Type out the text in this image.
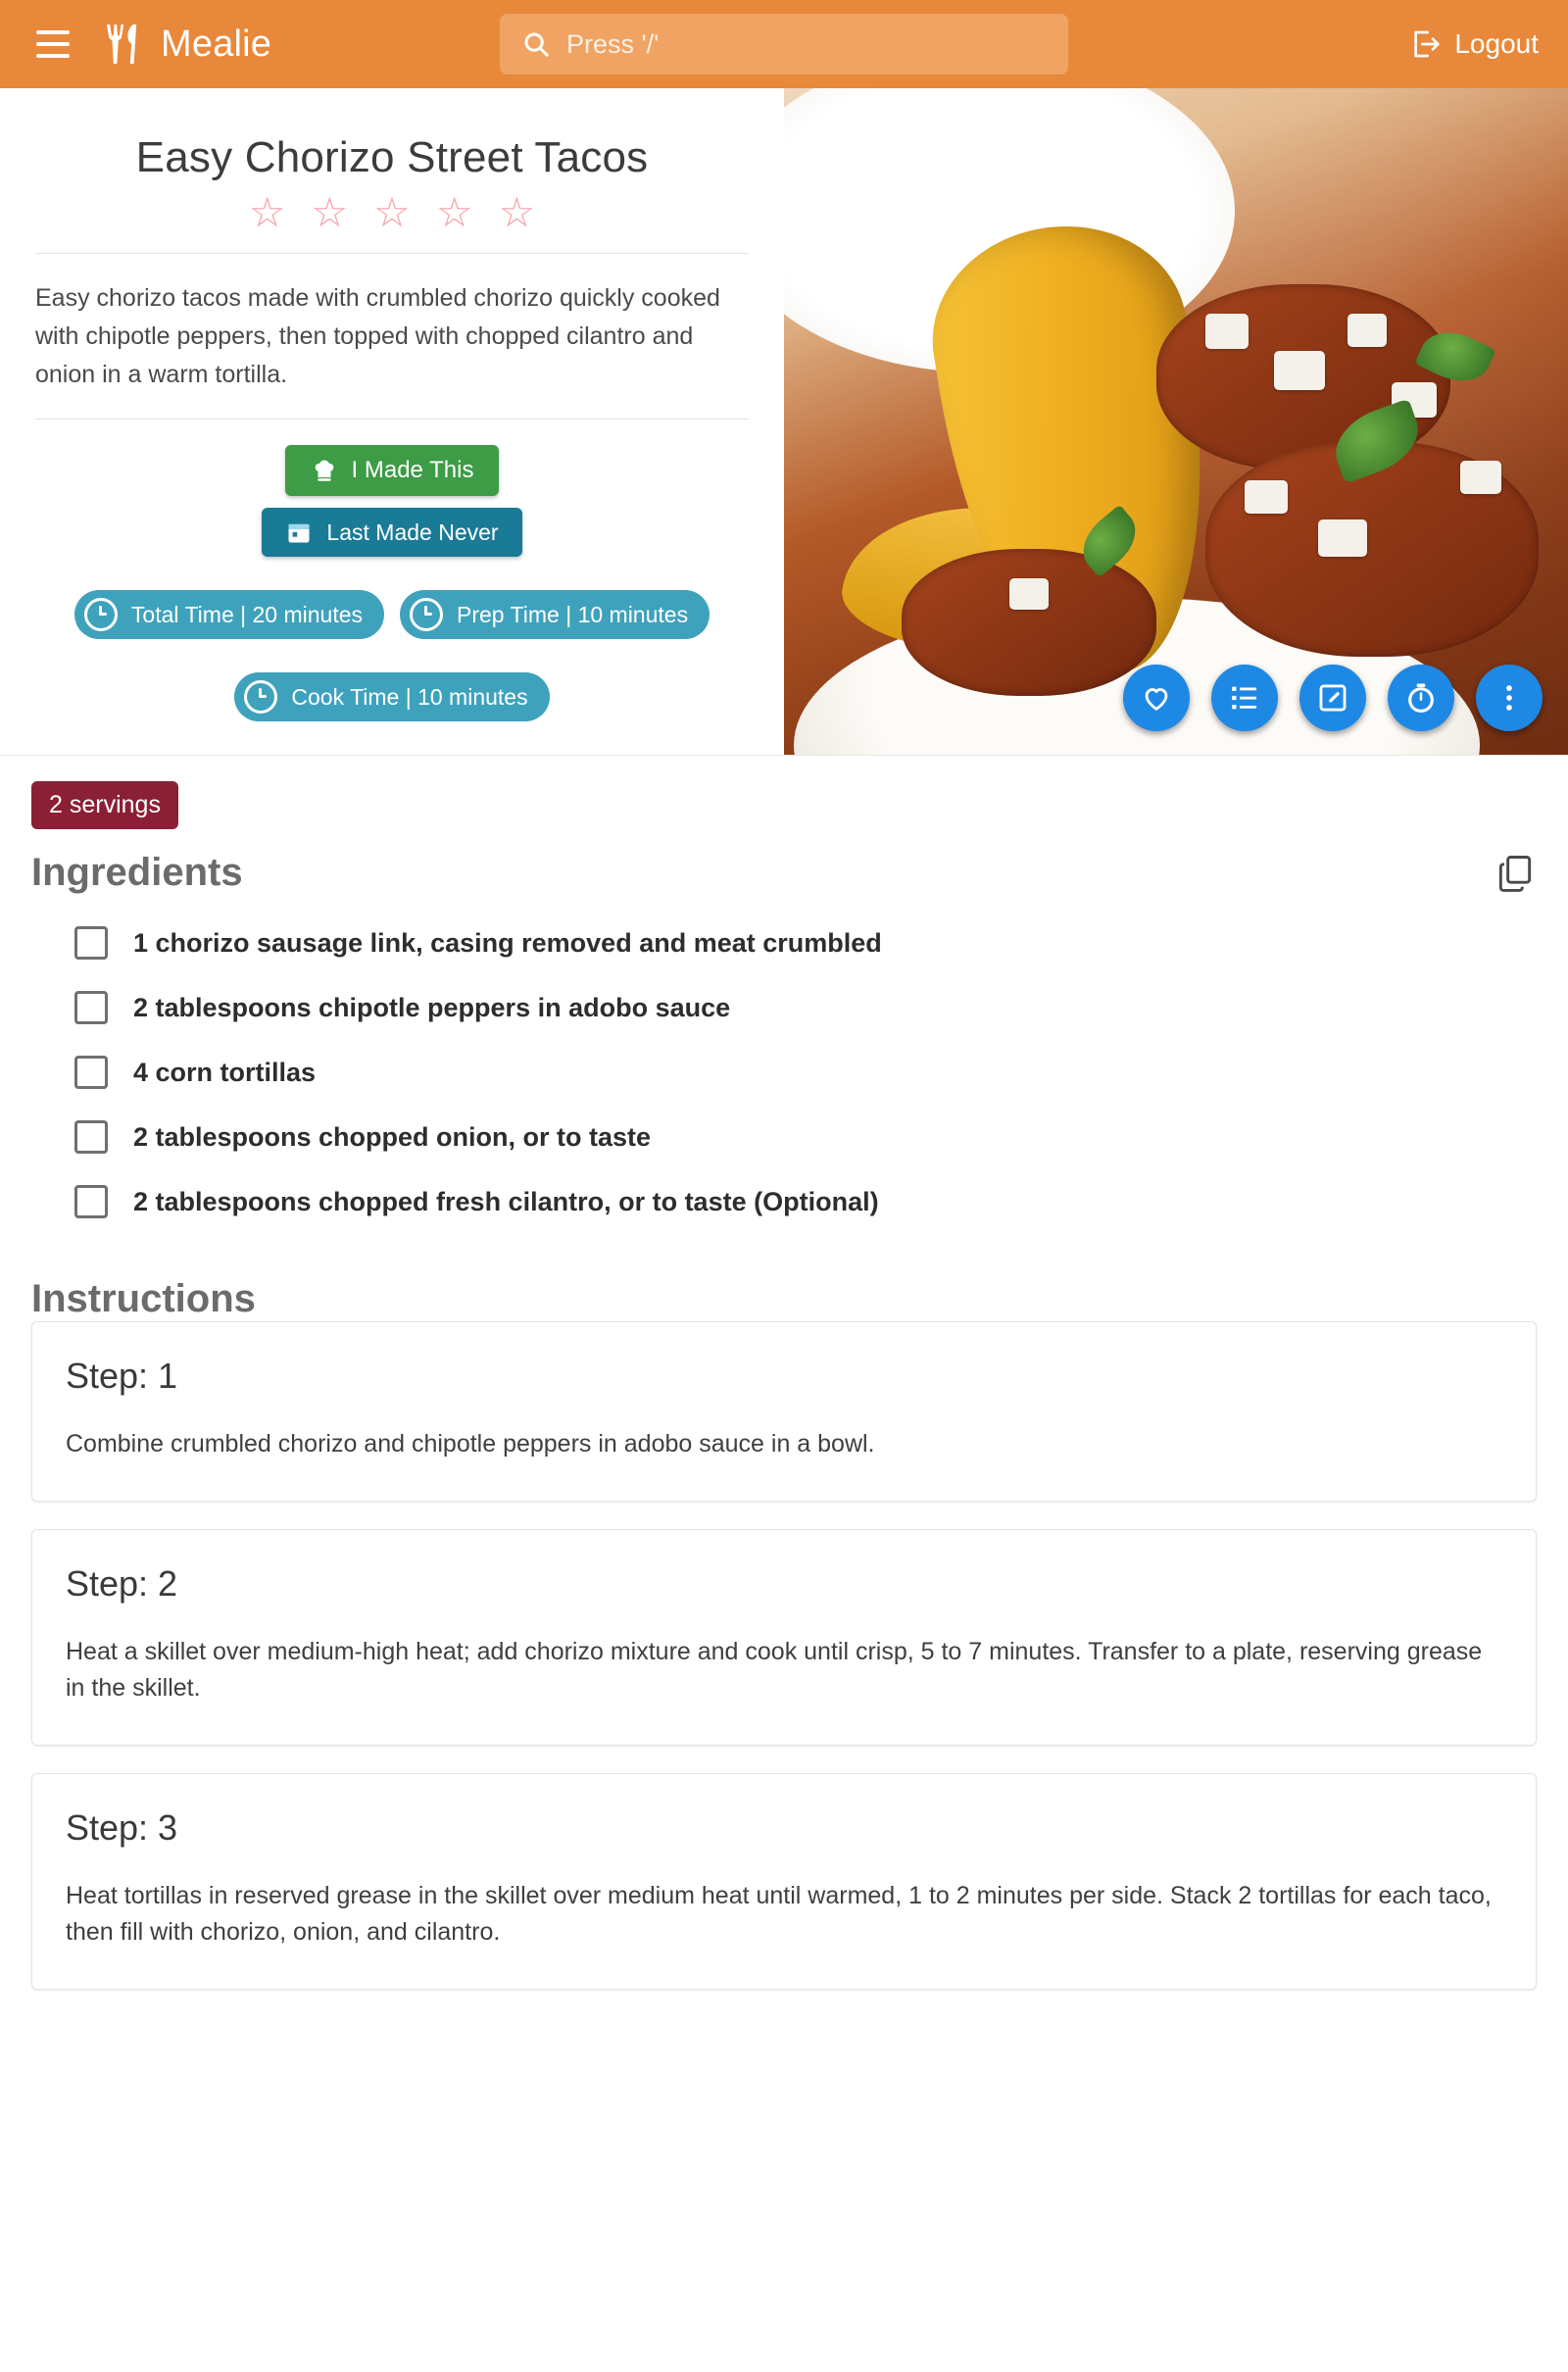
Mealie	Press '/'	Logout
Easy Chorizo Street Tacos
☆ ☆ ☆ ☆ ☆

Easy chorizo tacos made with crumbled chorizo quickly cooked with chipotle peppers, then topped with chopped cilantro and onion in a warm tortilla.

I Made This
Last Made Never
Total Time | 20 minutes	Prep Time | 10 minutes
Cook Time | 10 minutes
2 servings
Ingredients
1 chorizo sausage link, casing removed and meat crumbled
2 tablespoons chipotle peppers in adobo sauce
4 corn tortillas
2 tablespoons chopped onion, or to taste
2 tablespoons chopped fresh cilantro, or to taste (Optional)
Instructions
Step: 1

Combine crumbled chorizo and chipotle peppers in adobo sauce in a bowl.

Step: 2

Heat a skillet over medium-high heat; add chorizo mixture and cook until crisp, 5 to 7 minutes. Transfer to a plate, reserving grease in the skillet.

Step: 3

Heat tortillas in reserved grease in the skillet over medium heat until warmed, 1 to 2 minutes per side. Stack 2 tortillas for each taco, then fill with chorizo, onion, and cilantro.
